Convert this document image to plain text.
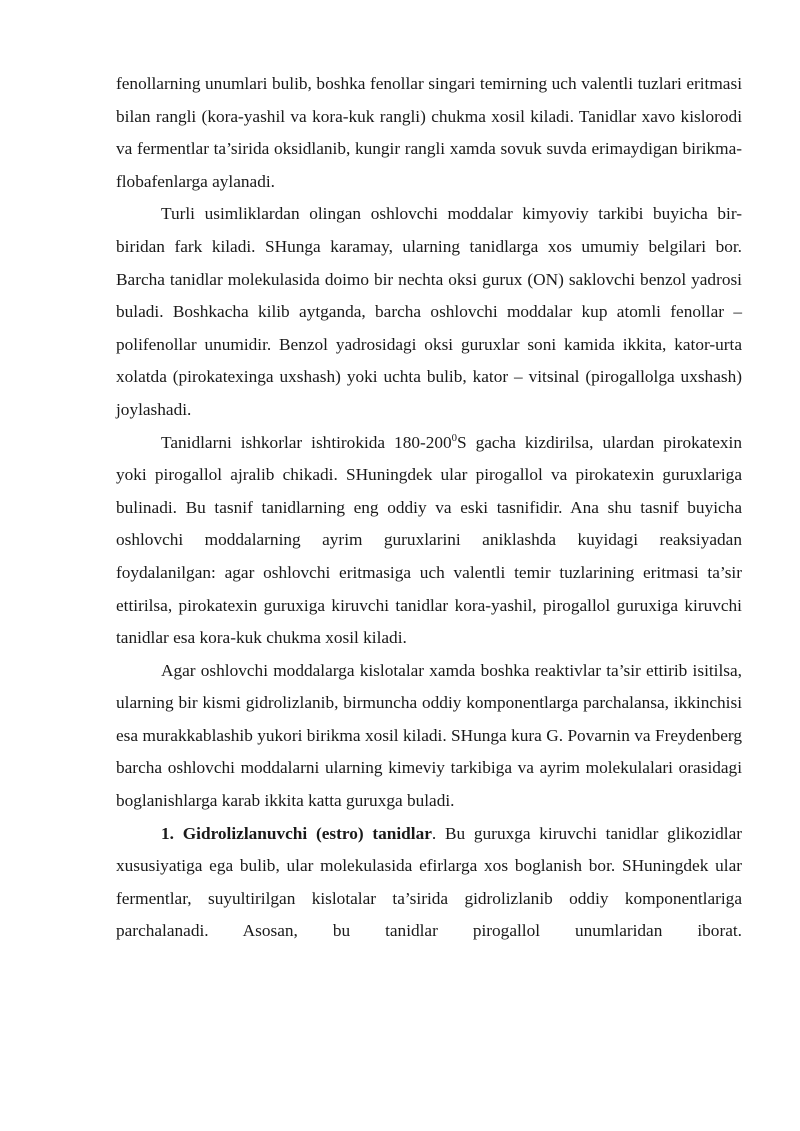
fenollarning unumlari bulib, boshka fenollar singari temirning uch valentli tuzlari eritmasi bilan rangli (kora-yashil va kora-kuk rangli) chukma xosil kiladi. Tanidlar xavo kislorodi va fermentlar ta’sirida oksidlanib, kungir rangli xamda sovuk suvda erimaydigan birikma-flobafenlarga aylanadi.

Turli usimliklardan olingan oshlovchi moddalar kimyoviy tarkibi buyicha bir-biridan fark kiladi. SHunga karamay, ularning tanidlarga xos umumiy belgilari bor. Barcha tanidlar molekulasida doimo bir nechta oksi gurux (ON) saklovchi benzol yadrosi buladi. Boshkacha kilib aytganda, barcha oshlovchi moddalar kup atomli fenollar – polifenollar unumidir. Benzol yadrosidagi oksi guruxlar soni kamida ikkita, kator-urta xolatda (pirokatexinga uxshash) yoki uchta bulib, kator – vitsinal (pirogallolga uxshash) joylashadi.

Tanidlarni ishkorlar ishtirokida $180-200^0S$ gacha kizdirilsa, ulardan pirokatexin yoki pirogallol ajralib chikadi. SHuningdek ular pirogallol va pirokatexin guruxlariga bulinadi. Bu tasnif tanidlarning eng oddiy va eski tasnifidir. Ana shu tasnif buyicha oshlovchi moddalarning ayrim guruxlarini aniklashda kuyidagi reaksiyadan foydalanilgan: agar oshlovchi eritmasiga uch valentli temir tuzlarining eritmasi ta’sir ettirilsa, pirokatexin guruxiga kiruvchi tanidlar kora-yashil, pirogallol guruxiga kiruvchi tanidlar esa kora-kuk chukma xosil kiladi.

Agar oshlovchi moddalarga kislotalar xamda boshka reaktivlar ta’sir ettirib isitilsa, ularning bir kismi gidrolizlanib, birmuncha oddiy komponentlarga parchalansa, ikkinchisi esa murakkablashib yukori birikma xosil kiladi. SHunga kura G. Povarnin va Freydenberg barcha oshlovchi moddalarni ularning kimeviy tarkibiga va ayrim molekulalari orasidagi boglanishlarga karab ikkita katta guruxga buladi.

1. Gidrolizlanuvchi (estro) tanidlar. Bu guruxga kiruvchi tanidlar glikozidlar xususiyatiga ega bulib, ular molekulasida efirlarga xos boglanish bor. SHuningdek ular fermentlar, suyultirilgan kislotalar ta’sirida gidrolizlanib oddiy komponentlariga parchalanadi. Asosan, bu tanidlar pirogallol unumlaridan iborat.
